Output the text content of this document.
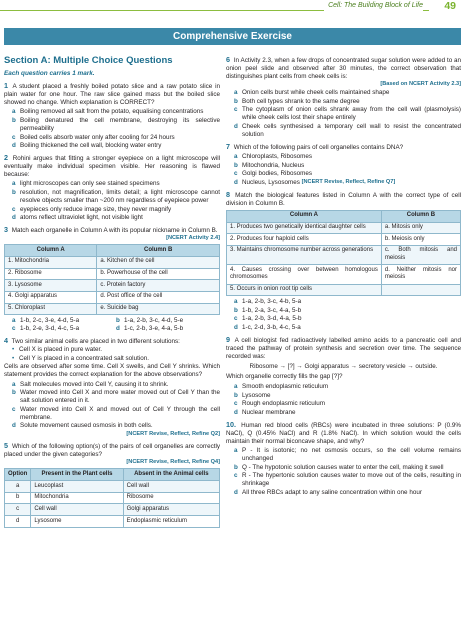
Cell: The Building Block of Life 49
Comprehensive Exercise
Section A: Multiple Choice Questions
Each question carries 1 mark.
1 A student placed a freshly boiled potato slice and a raw potato slice in plain water for one hour. The raw slice gained mass but the boiled slice showed no change. Which explanation is CORRECT?
a Boiling removed all salt from the potato, equalising concentrations
b Boiling denatured the cell membrane, destroying its selective permeability
c Boiled cells absorb water only after cooling for 24 hours
d Boiling thickened the cell wall, blocking water entry
2 Rohini argues that fitting a stronger eyepiece on a light microscope will eventually make individual specimen visible. Her reasoning is flawed because:
a light microscopes can only see stained specimens
b resolution, not magnification, limits detail; a light microscope cannot resolve objects smaller than ~200 nm regardless of eyepiece power
c eyepieces only reduce image size, they never magnify
d atoms reflect ultraviolet light, not visible light
3 Match each organelle in Column A with its popular nickname in Column B.
[NCERT Activity 2.4]
Column A	Column B
1. Mitochondria	a. Kitchen of the cell
2. Ribosome	b. Powerhouse of the cell
3. Lysosome	c. Protein factory
4. Golgi apparatus	d. Post office of the cell
5. Chloroplast	e. Suicide bag
a 1-b, 2-c, 3-e, 4-d, 5-a	b 1-a, 2-b, 3-c, 4-d, 5-e
c 1-b, 2-e, 3-d, 4-c, 5-a	d 1-c, 2-b, 3-e, 4-a, 5-b
4 Two similar animal cells are placed in two different solutions:
• Cell X is placed in pure water.
• Cell Y is placed in a concentrated salt solution.
Cells are observed after some time. Cell X swells, and Cell Y shrinks. Which statement provides the correct explanation for the above observations?
a Salt molecules moved into Cell Y, causing it to shrink.
b Water moved into Cell X and more water moved out of Cell Y than the salt solution entered in it.
c Water moved into Cell X and moved out of Cell Y through the cell membrane.
d Solute movement caused osmosis in both cells.
[NCERT Revise, Reflect, Refine Q2]
5 Which of the following option(s) of the pairs of cell organelles are correctly placed under the given categories?
[NCERT Revise, Reflect, Refine Q4]
Option	Present in the Plant cells	Absent in the Animal cells
a	Leucoplast	Cell wall
b	Mitochondria	Ribosome
c	Cell wall	Golgi apparatus
d	Lysosome	Endoplasmic reticulum
6 In Activity 2.3, when a few drops of concentrated sugar solution were added to an onion peel slide and observed after 30 minutes, the correct observation that distinguishes plant cells from cheek cells is:
[Based on NCERT Activity 2.3]
a Onion cells burst while cheek cells maintained shape
b Both cell types shrank to the same degree
c The cytoplasm of onion cells shrank away from the cell wall (plasmolysis) while cheek cells lost their shape entirely
d Cheek cells synthesised a temporary cell wall to resist the concentrated solution
7 Which of the following pairs of cell organelles contains DNA?
a Chloroplasts, Ribosomes
b Mitochondria, Nucleus
c Golgi bodies, Ribosomes
d Nucleus, Lysosomes
[NCERT Revise, Reflect, Refine Q7]
8 Match the biological features listed in Column A with the correct type of cell division in Column B.
Column A	Column B
1. Produces two genetically identical daughter cells	a. Mitosis only
2. Produces four haploid cells	b. Meiosis only
3. Maintains chromosome number across generations	c. Both mitosis and meiosis
4. Causes crossing over between homologous chromosomes	d. Neither mitosis nor meiosis
5. Occurs in onion root tip cells	
a 1-a, 2-b, 3-c, 4-b, 5-a
b 1-b, 2-a, 3-c, 4-a, 5-b
c 1-a, 2-b, 3-d, 4-a, 5-b
d 1-c, 2-d, 3-b, 4-c, 5-a
9 A cell biologist fed radioactively labelled amino acids to a pancreatic cell and traced the pathway of protein synthesis and secretion over time. The sequence recorded was:
Ribosome → [?] → Golgi apparatus → secretory vesicle → outside.
Which organelle correctly fills the gap [?]?
a Smooth endoplasmic reticulum
b Lysosome
c Rough endoplasmic reticulum
d Nuclear membrane
10. Human red blood cells (RBCs) were incubated in three solutions: P (0.9% NaCl), Q (0.45% NaCl) and R (1.8% NaCl). In which solution would the cells maintain their normal biconcave shape, and why?
a P - It is isotonic; no net osmosis occurs, so the cell volume remains unchanged
b Q - The hypotonic solution causes water to enter the cell, making it swell
c R - The hypertonic solution causes water to move out of the cells, resulting in shrinkage
d All three RBCs adapt to any saline concentration within one hour
